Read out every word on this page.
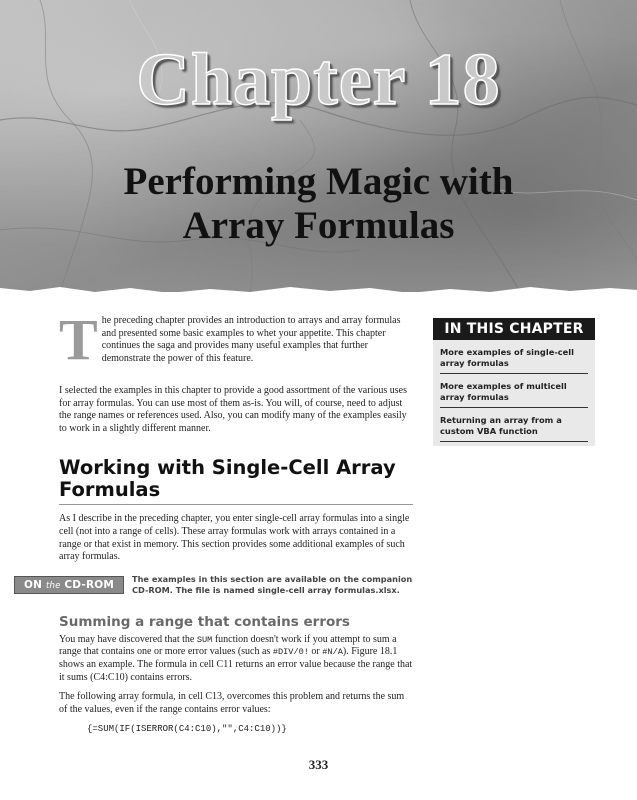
Chapter 18
Performing Magic with
Array Formulas

The preceding chapter provides an introduction to arrays and array formulas and presented some basic examples to whet your appetite. This chapter continues the saga and provides many useful examples that further demonstrate the power of this feature.

I selected the examples in this chapter to provide a good assortment of the various uses for array formulas. You can use most of them as-is. You will, of course, need to adjust the range names or references used. Also, you can modify many of the examples easily to work in a slightly different manner.

Working with Single-Cell Array
Formulas

As I describe in the preceding chapter, you enter single-cell array formulas into a single cell (not into a range of cells). These array formulas work with arrays contained in a range or that exist in memory. This section provides some additional examples of such array formulas.

ON the CD-ROM	The examples in this section are available on the companion CD-ROM. The file is named single-cell array formulas.xlsx.
Summing a range that contains errors

You may have discovered that the SUM function doesn't work if you attempt to sum a range that contains one or more error values (such as #DIV/0! or #N/A). Figure 18.1 shows an example. The formula in cell C11 returns an error value because the range that it sums (C4:C10) contains errors.

The following array formula, in cell C13, overcomes this problem and returns the sum of the values, even if the range contains error values:

{=SUM(IF(ISERROR(C4:C10),"",C4:C10))}
IN THIS CHAPTER
More examples of single-cell array formulas
More examples of multicell array formulas
Returning an array from a custom VBA function
333
